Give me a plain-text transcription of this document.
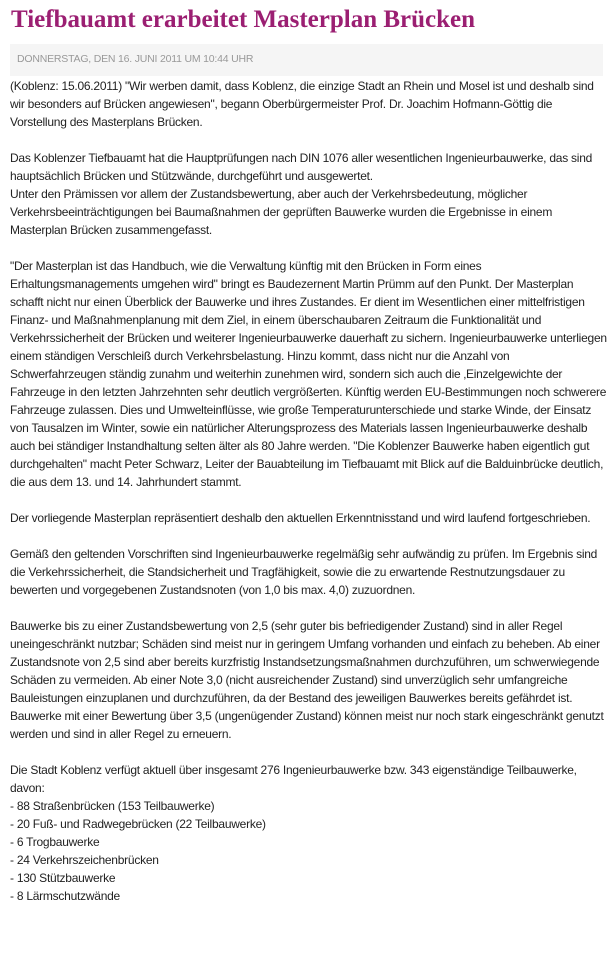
Tiefbauamt erarbeitet Masterplan Brücken
DONNERSTAG, DEN 16. JUNI 2011 UM 10:44 UHR

(Koblenz: 15.06.2011) "Wir werben damit, dass Koblenz, die einzige Stadt an Rhein und Mosel ist und deshalb sind wir besonders auf Brücken angewiesen", begann Oberbürgermeister Prof. Dr. Joachim Hofmann-Göttig die Vorstellung des Masterplans Brücken.

Das Koblenzer Tiefbauamt hat die Hauptprüfungen nach DIN 1076 aller wesentlichen Ingenieurbauwerke, das sind hauptsächlich Brücken und Stützwände, durchgeführt und ausgewertet.

Unter den Prämissen vor allem der Zustandsbewertung, aber auch der Verkehrsbedeutung, möglicher Verkehrsbeeinträchtigungen bei Baumaßnahmen der geprüften Bauwerke wurden die Ergebnisse in einem Masterplan Brücken zusammengefasst.

"Der Masterplan ist das Handbuch, wie die Verwaltung künftig mit den Brücken in Form eines Erhaltungsmanagements umgehen wird" bringt es Baudezernent Martin Prümm auf den Punkt. Der Masterplan schafft nicht nur einen Überblick der Bauwerke und ihres Zustandes. Er dient im Wesentlichen einer mittelfristigen Finanz- und Maßnahmenplanung mit dem Ziel, in einem überschaubaren Zeitraum die Funktionalität und Verkehrssicherheit der Brücken und weiterer Ingenieurbauwerke dauerhaft zu sichern. Ingenieurbauwerke unterliegen einem ständigen Verschleiß durch Verkehrsbelastung. Hinzu kommt, dass nicht nur die Anzahl von Schwerfahrzeugen ständig zunahm und weiterhin zunehmen wird, sondern sich auch die ‚Einzelgewichte der Fahrzeuge in den letzten Jahrzehnten sehr deutlich vergrößerten. Künftig werden EU-Bestimmungen noch schwerere Fahrzeuge zulassen. Dies und Umwelteinflüsse, wie große Temperaturunterschiede und starke Winde, der Einsatz von Tausalzen im Winter, sowie ein natürlicher Alterungsprozess des Materials lassen Ingenieurbauwerke deshalb auch bei ständiger Instandhaltung selten älter als 80 Jahre werden. "Die Koblenzer Bauwerke haben eigentlich gut durchgehalten" macht Peter Schwarz, Leiter der Bauabteilung im Tiefbauamt mit Blick auf die Balduinbrücke deutlich, die aus dem 13. und 14. Jahrhundert stammt.

Der vorliegende Masterplan repräsentiert deshalb den aktuellen Erkenntnisstand und wird laufend fortgeschrieben.

Gemäß den geltenden Vorschriften sind Ingenieurbauwerke regelmäßig sehr aufwändig zu prüfen. Im Ergebnis sind die Verkehrssicherheit, die Standsicherheit und Tragfähigkeit, sowie die zu erwartende Restnutzungsdauer zu bewerten und vorgegebenen Zustandsnoten (von 1,0 bis max. 4,0) zuzuordnen.

Bauwerke bis zu einer Zustandsbewertung von 2,5 (sehr guter bis befriedigender Zustand) sind in aller Regel uneingeschränkt nutzbar; Schäden sind meist nur in geringem Umfang vorhanden und einfach zu beheben. Ab einer Zustandsnote von 2,5 sind aber bereits kurzfristig Instandsetzungsmaßnahmen durchzuführen, um schwerwiegende Schäden zu vermeiden. Ab einer Note 3,0 (nicht ausreichender Zustand) sind unverzüglich sehr umfangreiche Bauleistungen einzuplanen und durchzuführen, da der Bestand des jeweiligen Bauwerkes bereits gefährdet ist. Bauwerke mit einer Bewertung über 3,5 (ungenügender Zustand) können meist nur noch stark eingeschränkt genutzt werden und sind in aller Regel zu erneuern.

Die Stadt Koblenz verfügt aktuell über insgesamt 276 Ingenieurbauwerke bzw. 343 eigenständige Teilbauwerke, davon:

- 88 Straßenbrücken (153 Teilbauwerke)
- 20 Fuß- und Radwegebrücken (22 Teilbauwerke)
- 6 Trogbauwerke
- 24 Verkehrszeichenbrücken
- 130 Stützbauwerke
- 8 Lärmschutzwände
